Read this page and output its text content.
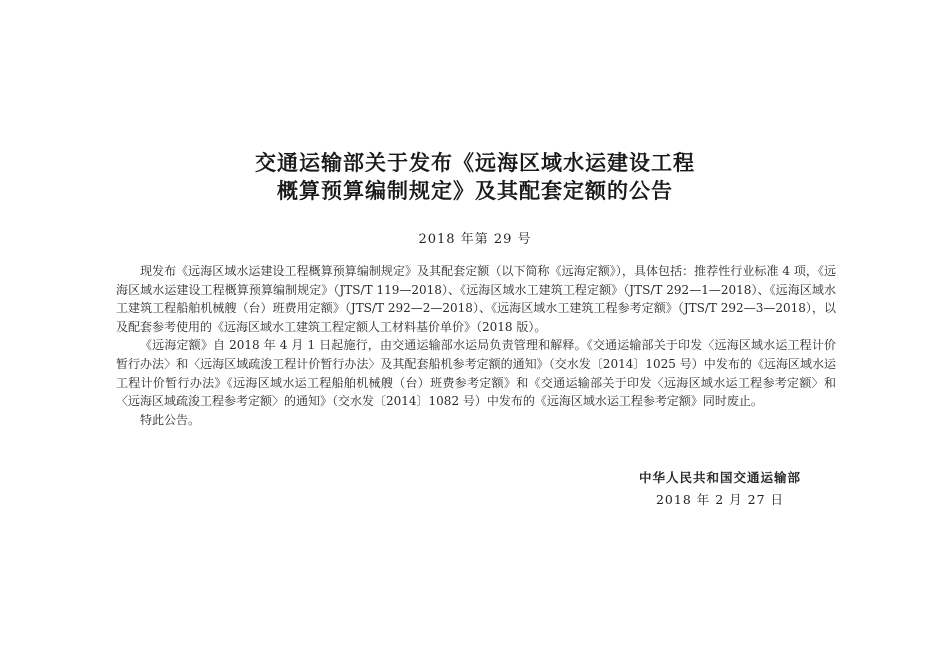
交通运输部关于发布《远海区域水运建设工程
概算预算编制规定》及其配套定额的公告
2018 年第 29 号

现发布《远海区域水运建设工程概算预算编制规定》及其配套定额（以下简称《远海定额》），具体包括：推荐性行业标准 4 项，《远海区域水运建设工程概算预算编制规定》（JTS/T 119—2018）、《远海区域水工建筑工程定额》（JTS/T 292—1—2018）、《远海区域水工建筑工程船舶机械艘（台）班费用定额》（JTS/T 292—2—2018）、《远海区域水工建筑工程参考定额》（JTS/T 292—3—2018），以及配套参考使用的《远海区域水工建筑工程定额人工材料基价单价》（2018 版）。

《远海定额》自 2018 年 4 月 1 日起施行，由交通运输部水运局负责管理和解释。《交通运输部关于印发〈远海区域水运工程计价暂行办法〉和〈远海区域疏浚工程计价暂行办法〉及其配套船机参考定额的通知》（交水发〔2014〕1025 号）中发布的《远海区域水运工程计价暂行办法》《远海区域水运工程船舶机械艘（台）班费参考定额》和《交通运输部关于印发〈远海区域水运工程参考定额〉和〈远海区域疏浚工程参考定额〉的通知》（交水发〔2014〕1082 号）中发布的《远海区域水运工程参考定额》同时废止。

特此公告。

中华人民共和国交通运输部
2018 年 2 月 27 日
